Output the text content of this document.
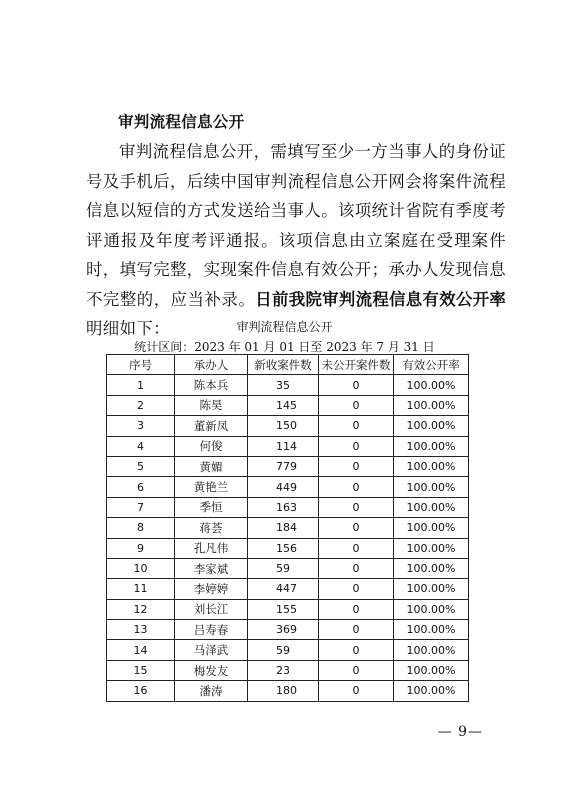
审判流程信息公开

审判流程信息公开，需填写至少一方当事人的身份证号及手机后，后续中国审判流程信息公开网会将案件流程信息以短信的方式发送给当事人。该项统计省院有季度考评通报及年度考评通报。该项信息由立案庭在受理案件时，填写完整，实现案件信息有效公开；承办人发现信息不完整的，应当补录。日前我院审判流程信息有效公开率明细如下：	审判流程信息公开
统计区间：2023 年 01 月 01 日至 2023 年 7 月 31 日
序号	承办人	新收案件数	未公开案件数	有效公开率
1	陈本兵	35	0	100.00%
2	陈昊	145	0	100.00%
3	董新凤	150	0	100.00%
4	何俊	114	0	100.00%
5	黄媚	779	0	100.00%
6	黄艳兰	449	0	100.00%
7	季恒	163	0	100.00%
8	蒋荟	184	0	100.00%
9	孔凡伟	156	0	100.00%
10	李家斌	59	0	100.00%
11	李婷婷	447	0	100.00%
12	刘长江	155	0	100.00%
13	吕寿春	369	0	100.00%
14	马泽武	59	0	100.00%
15	梅发友	23	0	100.00%
16	潘涛	180	0	100.00%
— 9—
